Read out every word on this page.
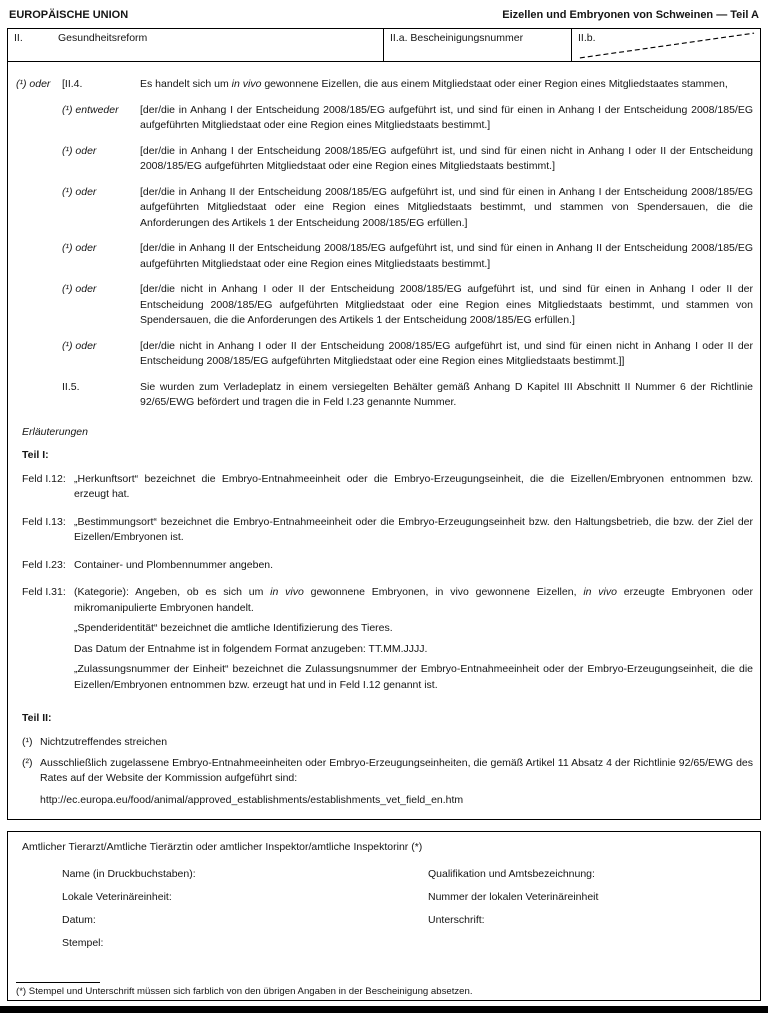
EUROPÄISCHE UNION	Eizellen und Embryonen von Schweinen — Teil A
II.	Gesundheitsreform	II.a. Bescheinigungsnummer	II.b.
(¹) oder	[II.4.	Es handelt sich um in vivo gewonnene Eizellen, die aus einem Mitgliedstaat oder einer Region eines Mitgliedstaates stammen,
(¹) entweder	[der/die in Anhang I der Entscheidung 2008/185/EG aufgeführt ist, und sind für einen in Anhang I der Entscheidung 2008/185/EG aufgeführten Mitgliedstaat oder eine Region eines Mitgliedstaats bestimmt.]
(¹) oder	[der/die in Anhang I der Entscheidung 2008/185/EG aufgeführt ist, und sind für einen nicht in Anhang I oder II der Entscheidung 2008/185/EG aufgeführten Mitgliedstaat oder eine Region eines Mitgliedstaats bestimmt.]
(¹) oder	[der/die in Anhang II der Entscheidung 2008/185/EG aufgeführt ist, und sind für einen in Anhang I der Entscheidung 2008/185/EG aufgeführten Mitgliedstaat oder eine Region eines Mitgliedstaats bestimmt, und stammen von Spendersauen, die die Anforderungen des Artikels 1 der Entscheidung 2008/185/EG erfüllen.]
(¹) oder	[der/die in Anhang II der Entscheidung 2008/185/EG aufgeführt ist, und sind für einen in Anhang II der Entscheidung 2008/185/EG aufgeführten Mitgliedstaat oder eine Region eines Mitgliedstaats bestimmt.]
(¹) oder	[der/die nicht in Anhang I oder II der Entscheidung 2008/185/EG aufgeführt ist, und sind für einen in Anhang I oder II der Entscheidung 2008/185/EG aufgeführten Mitgliedstaat oder eine Region eines Mitgliedstaats bestimmt, und stammen von Spendersauen, die die Anforderungen des Artikels 1 der Entscheidung 2008/185/EG erfüllen.]
(¹) oder	[der/die nicht in Anhang I oder II der Entscheidung 2008/185/EG aufgeführt ist, und sind für einen nicht in Anhang I oder II der Entscheidung 2008/185/EG aufgeführten Mitgliedstaat oder eine Region eines Mitgliedstaats bestimmt.]]
II.5.	Sie wurden zum Verladeplatz in einem versiegelten Behälter gemäß Anhang D Kapitel III Abschnitt II Nummer 6 der Richtlinie 92/65/EWG befördert und tragen die in Feld I.23 genannte Nummer.
Erläuterungen
Teil I:
Feld I.12: „Herkunftsort“ bezeichnet die Embryo-Entnahmeeinheit oder die Embryo-Erzeugungseinheit, die die Eizellen/Embryonen entnommen bzw. erzeugt hat.

Feld I.13: „Bestimmungsort“ bezeichnet die Embryo-Entnahmeeinheit oder die Embryo-Erzeugungseinheit bzw. den Haltungsbetrieb, die bzw. der Ziel der Eizellen/Embryonen ist.

Feld I.23: Container- und Plombennummer angeben.

Feld I.31: (Kategorie): Angeben, ob es sich um in vivo gewonnene Embryonen, in vivo gewonnene Eizellen, in vivo erzeugte Embryonen oder mikromanipulierte Embryonen handelt.

„Spenderidentität“ bezeichnet die amtliche Identifizierung des Tieres.

Das Datum der Entnahme ist in folgendem Format anzugeben: TT.MM.JJJJ.

„Zulassungsnummer der Einheit“ bezeichnet die Zulassungsnummer der Embryo-Entnahmeeinheit oder der Embryo-Erzeugungseinheit, die die Eizellen/Embryonen entnommen bzw. erzeugt hat und in Feld I.12 genannt ist.

Teil II:
(¹) Nichtzutreffendes streichen

(²) Ausschließlich zugelassene Embryo-Entnahmeeinheiten oder Embryo-Erzeugungseinheiten, die gemäß Artikel 11 Absatz 4 der Richtlinie 92/65/EWG des Rates auf der Website der Kommission aufgeführt sind:

http://ec.europa.eu/food/animal/approved_establishments/establishments_vet_field_en.htm

Amtlicher Tierarzt/Amtliche Tierärztin oder amtlicher Inspektor/amtliche Inspektorinr (*)
Name (in Druckbuchstaben):	Qualifikation und Amtsbezeichnung:
Lokale Veterinäreinheit:	Nummer der lokalen Veterinäreinheit
Datum:	Unterschrift:
Stempel:
(*) Stempel und Unterschrift müssen sich farblich von den übrigen Angaben in der Bescheinigung absetzen.
